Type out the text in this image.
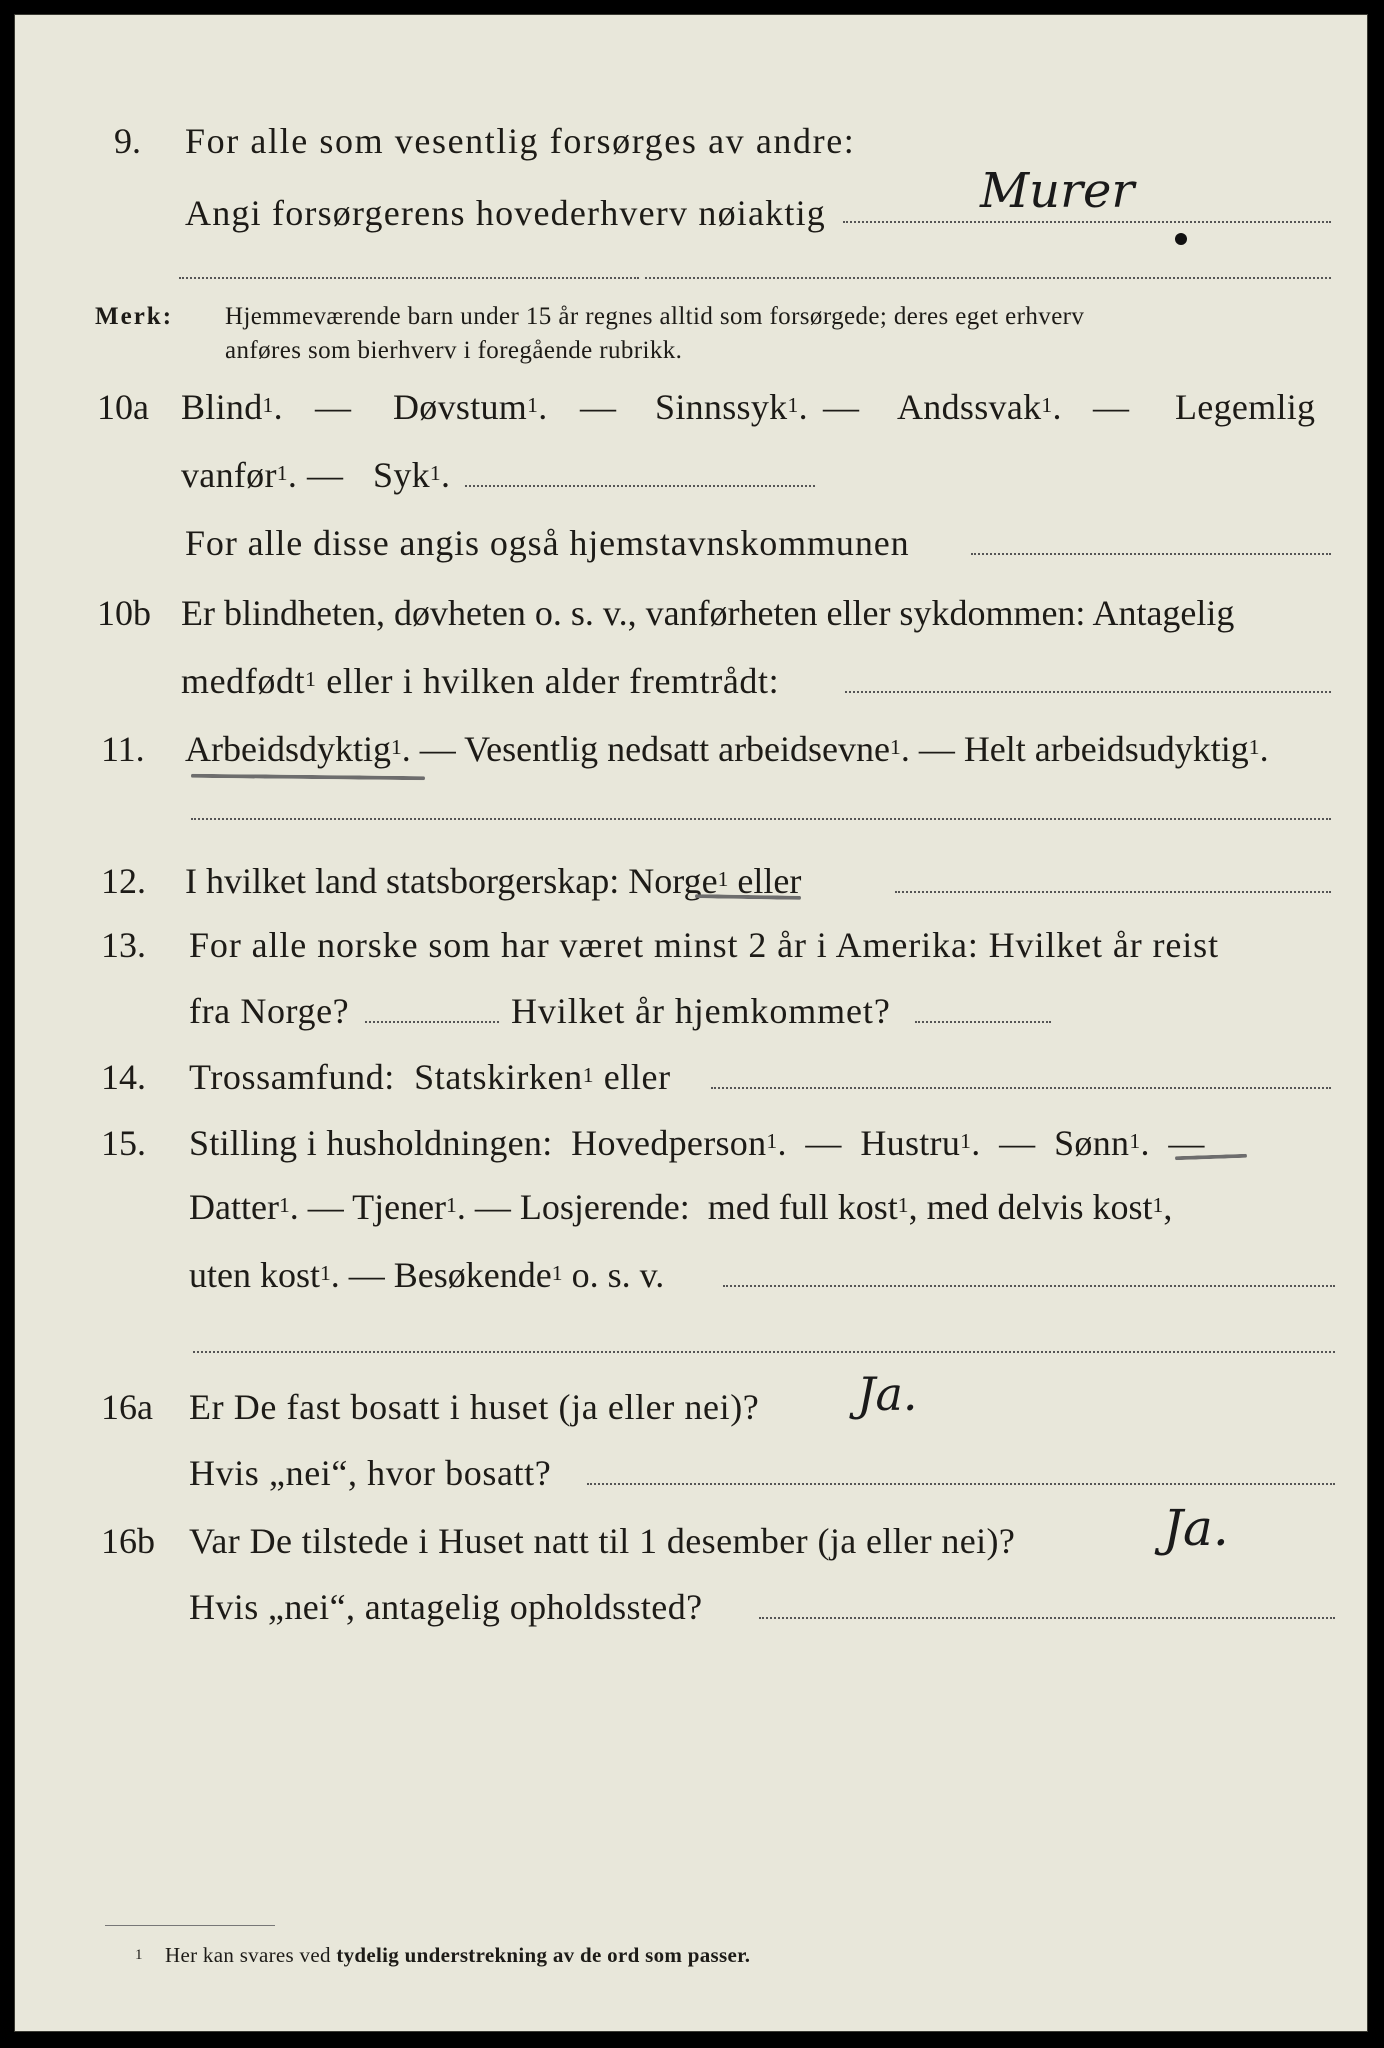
9. For alle som vesentlig forsørges av andre:
Angi forsørgerens hovederhverv nøiaktig	Murer
Merk: Hjemmeværende barn under 15 år regnes alltid som forsørgede; deres eget erhverv
anføres som bierhverv i foregående rubrikk.
10a Blind$^1$. — Døvstum$^1$. — Sinnssyk$^1$. — Andssvak$^1$. — Legemlig
vanfør$^1$. — Syk$^1$.
For alle disse angis også hjemstavnskommunen
10b Er blindheten, døvheten o. s. v., vanførheten eller sykdommen: Antagelig
medfødt$^1$ eller i hvilken alder fremtrådt:
11. Arbeidsdyktig$^1$. — Vesentlig nedsatt arbeidsevne$^1$. — Helt arbeidsudyktig$^1$.
12. I hvilket land statsborgerskap: Norge$^1$ eller
13. For alle norske som har været minst 2 år i Amerika: Hvilket år reist
fra Norge?	Hvilket år hjemkommet?
14. Trossamfund: Statskirken$^1$ eller
15. Stilling i husholdningen: Hovedperson$^1$.  — Hustru$^1$.  — Sønn$^1$.  —
Datter$^1$. — Tjener$^1$. — Losjerende: med full kost$^1$, med delvis kost$^1$,
uten kost$^1$. — Besøkende$^1$ o. s. v.
16a Er De fast bosatt i huset (ja eller nei)? Ja.
Hvis „nei“, hvor bosatt?
16b Var De tilstede i Huset natt til 1 desember (ja eller nei)?	Ja.
Hvis „nei“, antagelig opholdssted?
1 Her kan svares ved tydelig understrekning av de ord som passer.
